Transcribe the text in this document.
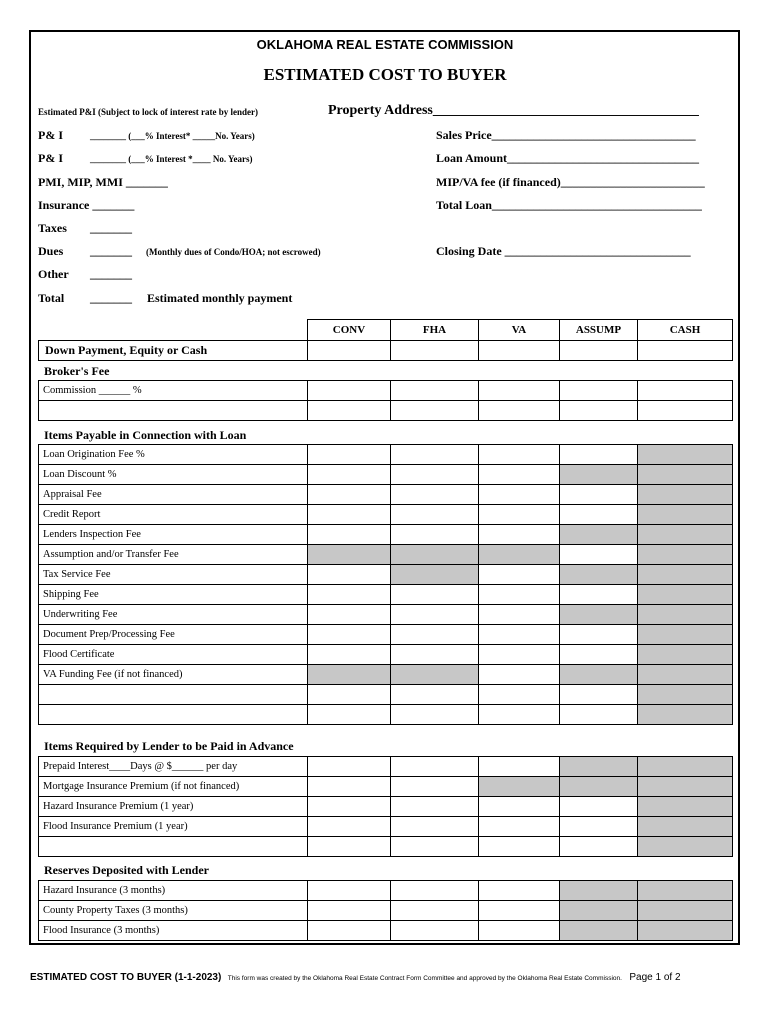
OKLAHOMA REAL ESTATE COMMISSION
ESTIMATED COST TO BUYER
Estimated P&I (Subject to lock of interest rate by lender)
P& I	________ (___% Interest* _____No. Years)
P& I	________ (___% Interest *____ No. Years)
PMI, MIP, MMI _______
Insurance _______
Taxes _______
Dues _______ (Monthly dues of Condo/HOA; not escrowed)
Other _______
Total _______ Estimated monthly payment
Property Address______________________________________
Sales Price__________________________________
Loan Amount________________________________
MIP/VA fee (if financed)________________________
Total Loan___________________________________
Closing Date _______________________________
	CONV	FHA	VA	ASSUMP	CASH
Down Payment, Equity or Cash					
Broker's Fee
Commission ______ %					

Items Payable in Connection with Loan
Loan Origination Fee %					
Loan Discount %					
Appraisal Fee					
Credit Report					
Lenders Inspection Fee					
Assumption and/or Transfer Fee					
Tax Service Fee					
Shipping Fee					
Underwriting Fee					
Document Prep/Processing Fee					
Flood Certificate					
VA Funding Fee (if not financed)					

Items Required by Lender to be Paid in Advance
Prepaid Interest____Days @ $______ per day					
Mortgage Insurance Premium (if not financed)					
Hazard Insurance Premium (1 year)					
Flood Insurance Premium (1 year)					

Reserves Deposited with Lender
Hazard Insurance (3 months)					
County Property Taxes (3 months)					
Flood Insurance (3 months)					
ESTIMATED COST TO BUYER (1-1-2023) This form was created by the Oklahoma Real Estate Contract Form Committee and approved by the Oklahoma Real Estate Commission. Page 1 of 2
